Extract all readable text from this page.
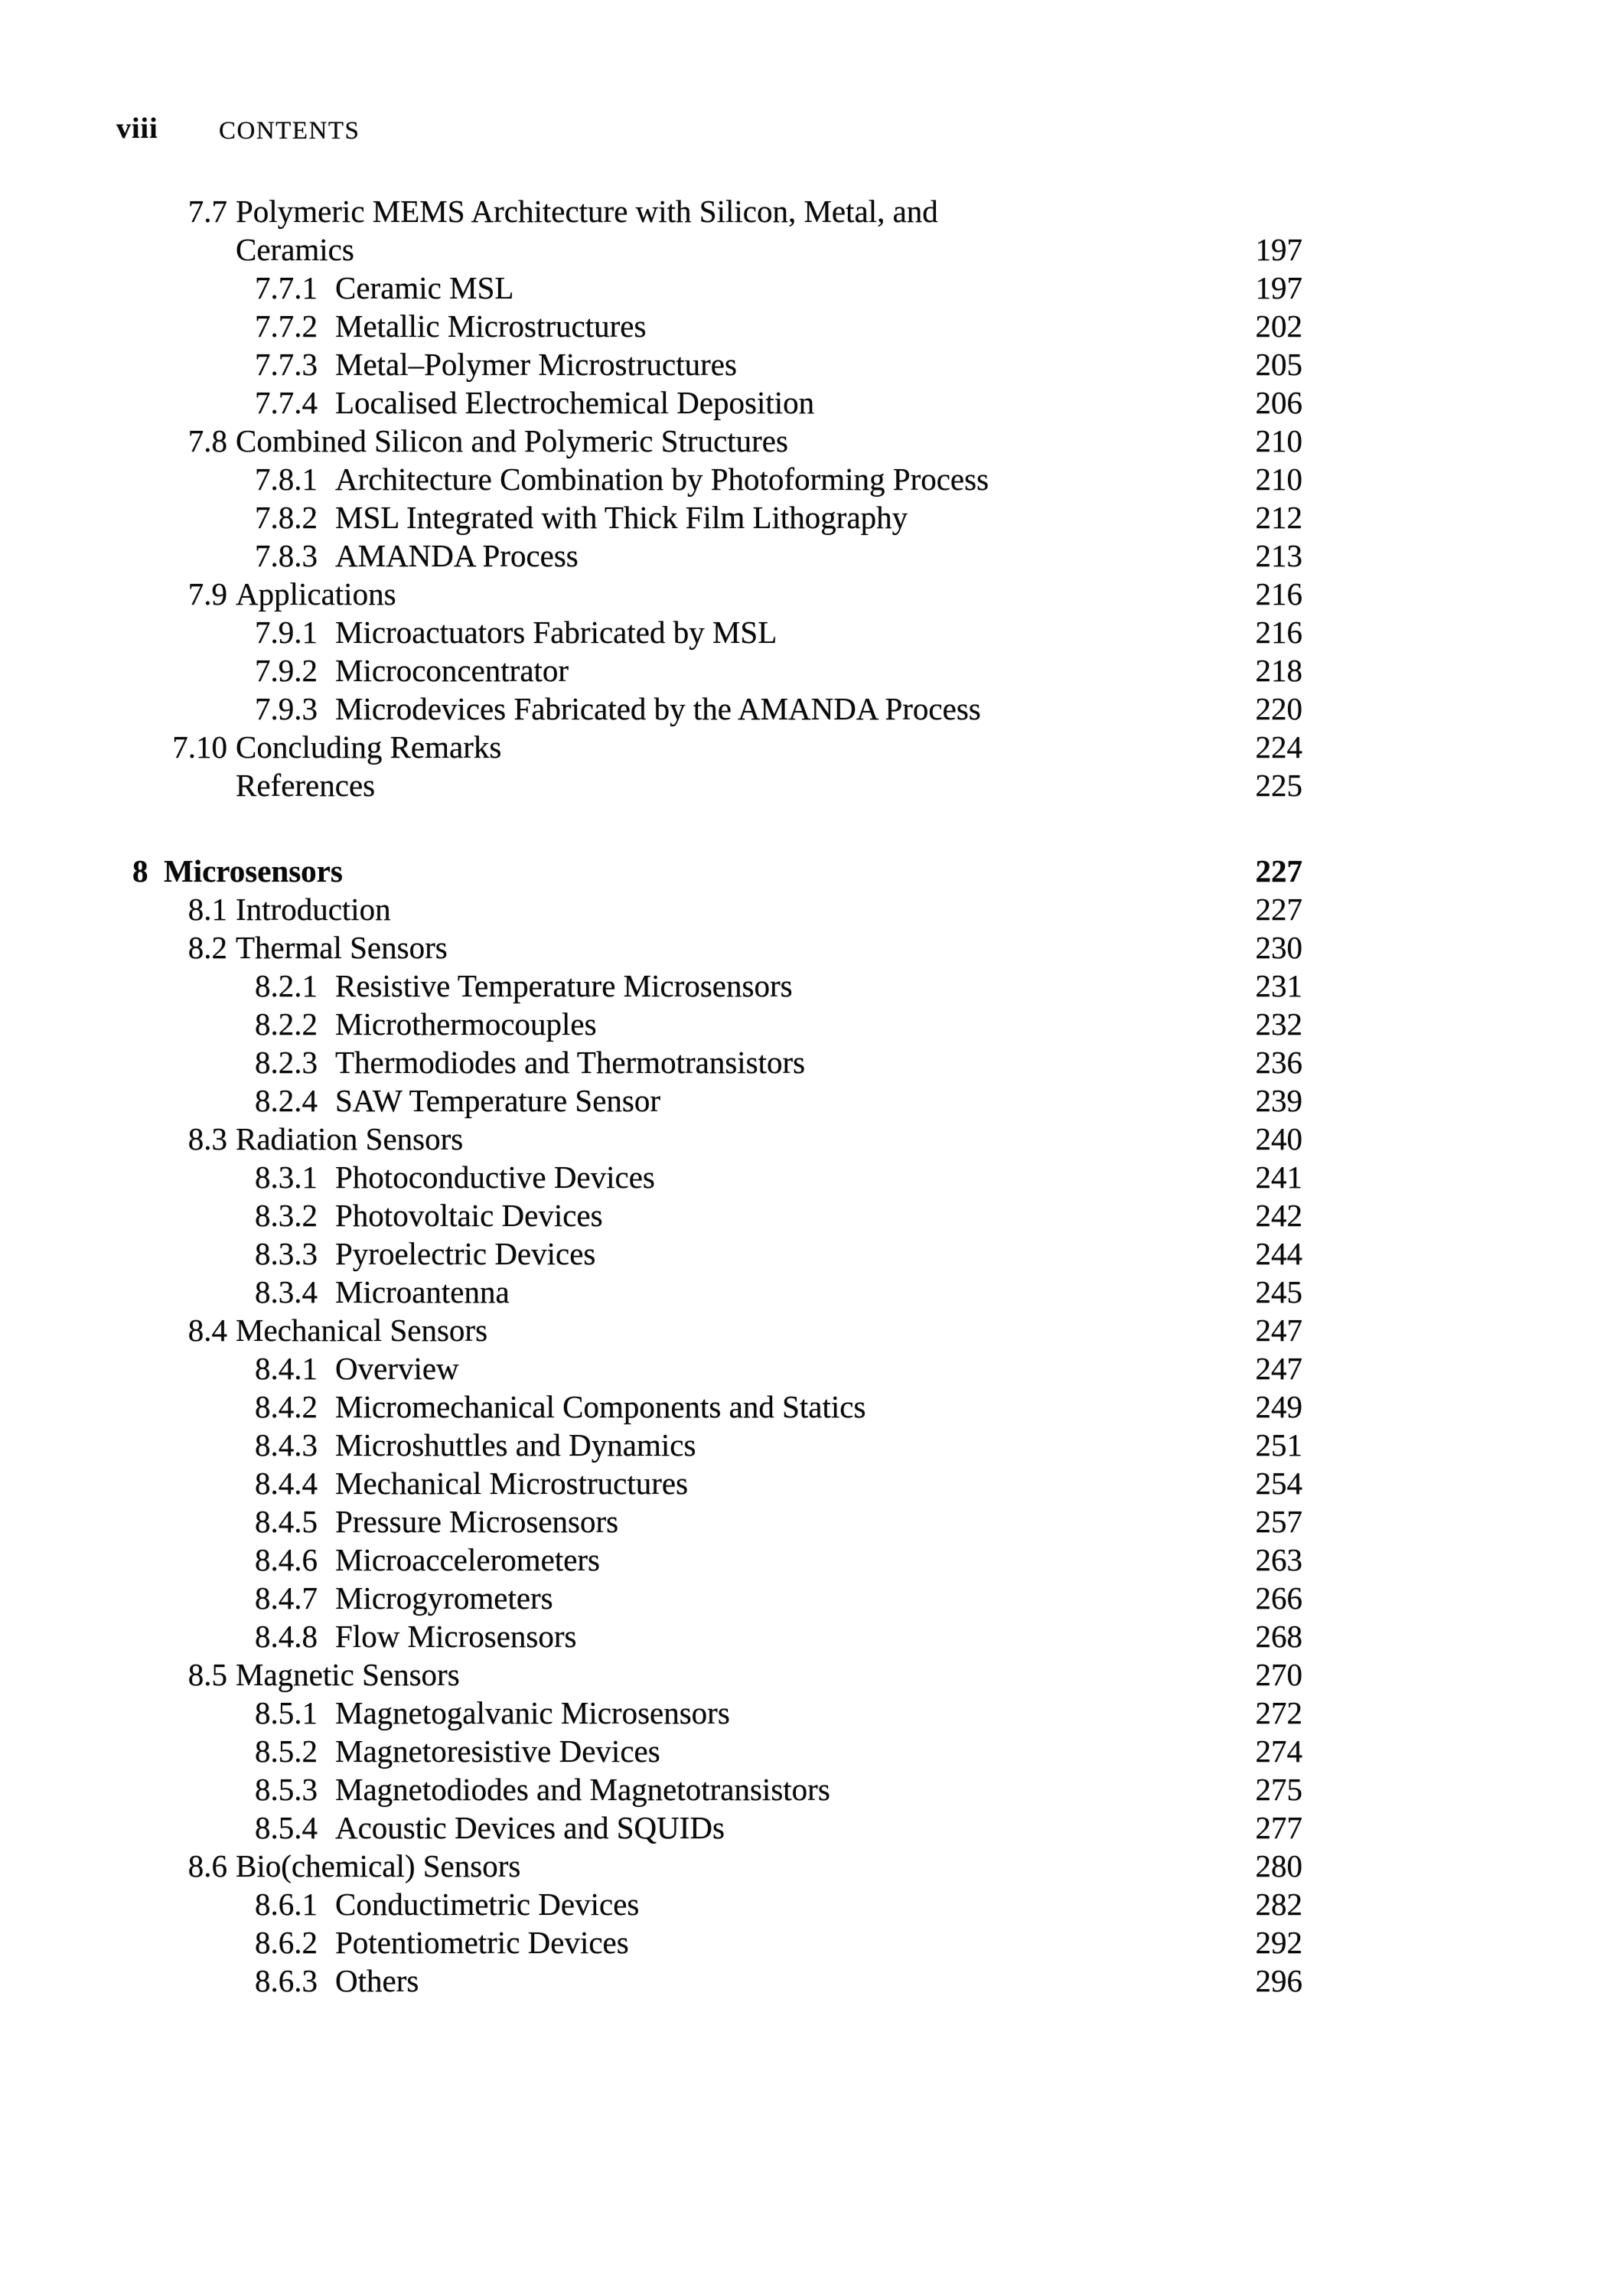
viii CONTENTS
7.7 Polymeric MEMS Architecture with Silicon, Metal, and
Ceramics	197
7.7.1 Ceramic MSL	197
7.7.2 Metallic Microstructures	202
7.7.3 Metal–Polymer Microstructures	205
7.7.4 Localised Electrochemical Deposition	206
7.8 Combined Silicon and Polymeric Structures	210
7.8.1 Architecture Combination by Photoforming Process	210
7.8.2 MSL Integrated with Thick Film Lithography	212
7.8.3 AMANDA Process	213
7.9 Applications	216
7.9.1 Microactuators Fabricated by MSL	216
7.9.2 Microconcentrator	218
7.9.3 Microdevices Fabricated by the AMANDA Process	220
7.10 Concluding Remarks	224
References	225
8 Microsensors	227
8.1 Introduction	227
8.2 Thermal Sensors	230
8.2.1 Resistive Temperature Microsensors	231
8.2.2 Microthermocouples	232
8.2.3 Thermodiodes and Thermotransistors	236
8.2.4 SAW Temperature Sensor	239
8.3 Radiation Sensors	240
8.3.1 Photoconductive Devices	241
8.3.2 Photovoltaic Devices	242
8.3.3 Pyroelectric Devices	244
8.3.4 Microantenna	245
8.4 Mechanical Sensors	247
8.4.1 Overview	247
8.4.2 Micromechanical Components and Statics	249
8.4.3 Microshuttles and Dynamics	251
8.4.4 Mechanical Microstructures	254
8.4.5 Pressure Microsensors	257
8.4.6 Microaccelerometers	263
8.4.7 Microgyrometers	266
8.4.8 Flow Microsensors	268
8.5 Magnetic Sensors	270
8.5.1 Magnetogalvanic Microsensors	272
8.5.2 Magnetoresistive Devices	274
8.5.3 Magnetodiodes and Magnetotransistors	275
8.5.4 Acoustic Devices and SQUIDs	277
8.6 Bio(chemical) Sensors	280
8.6.1 Conductimetric Devices	282
8.6.2 Potentiometric Devices	292
8.6.3 Others	296
